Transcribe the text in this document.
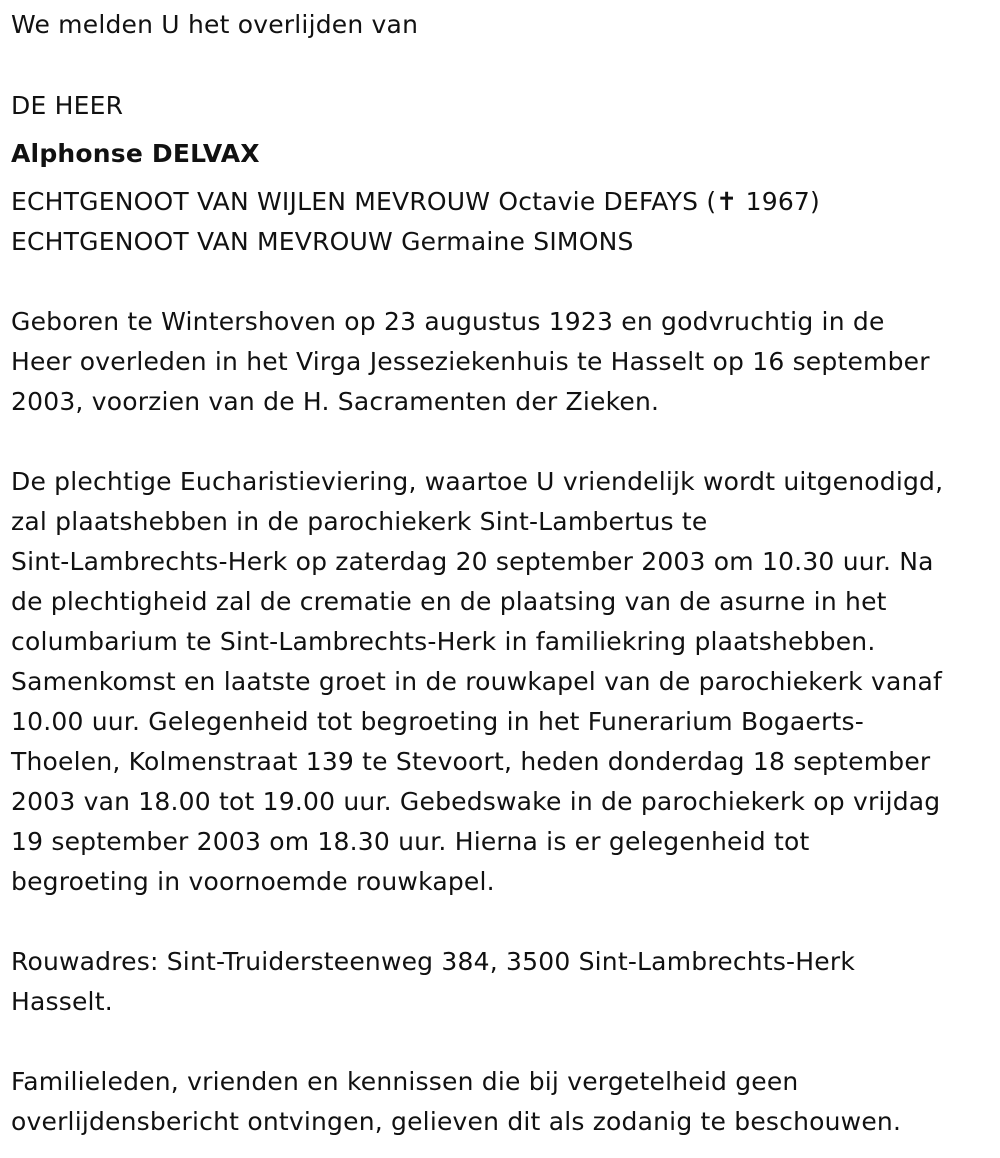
We melden U het overlijden van
DE HEER
Alphonse DELVAX
ECHTGENOOT VAN WIJLEN MEVROUW Octavie DEFAYS (✝ 1967)
ECHTGENOOT VAN MEVROUW Germaine SIMONS
Geboren te Wintershoven op 23 augustus 1923 en godvruchtig in de
Heer overleden in het Virga Jesseziekenhuis te Hasselt op 16 september
2003, voorzien van de H. Sacramenten der Zieken.
De plechtige Eucharistieviering, waartoe U vriendelijk wordt uitgenodigd,
zal plaatshebben in de parochiekerk Sint-Lambertus te
Sint-Lambrechts-Herk op zaterdag 20 september 2003 om 10.30 uur. Na
de plechtigheid zal de crematie en de plaatsing van de asurne in het
columbarium te Sint-Lambrechts-Herk in familiekring plaatshebben.
Samenkomst en laatste groet in de rouwkapel van de parochiekerk vanaf
10.00 uur. Gelegenheid tot begroeting in het Funerarium Bogaerts-
Thoelen, Kolmenstraat 139 te Stevoort, heden donderdag 18 september
2003 van 18.00 tot 19.00 uur. Gebedswake in de parochiekerk op vrijdag
19 september 2003 om 18.30 uur. Hierna is er gelegenheid tot
begroeting in voornoemde rouwkapel.
Rouwadres: Sint-Truidersteenweg 384, 3500 Sint-Lambrechts-Herk
Hasselt.
Familieleden, vrienden en kennissen die bij vergetelheid geen
overlijdensbericht ontvingen, gelieven dit als zodanig te beschouwen.
